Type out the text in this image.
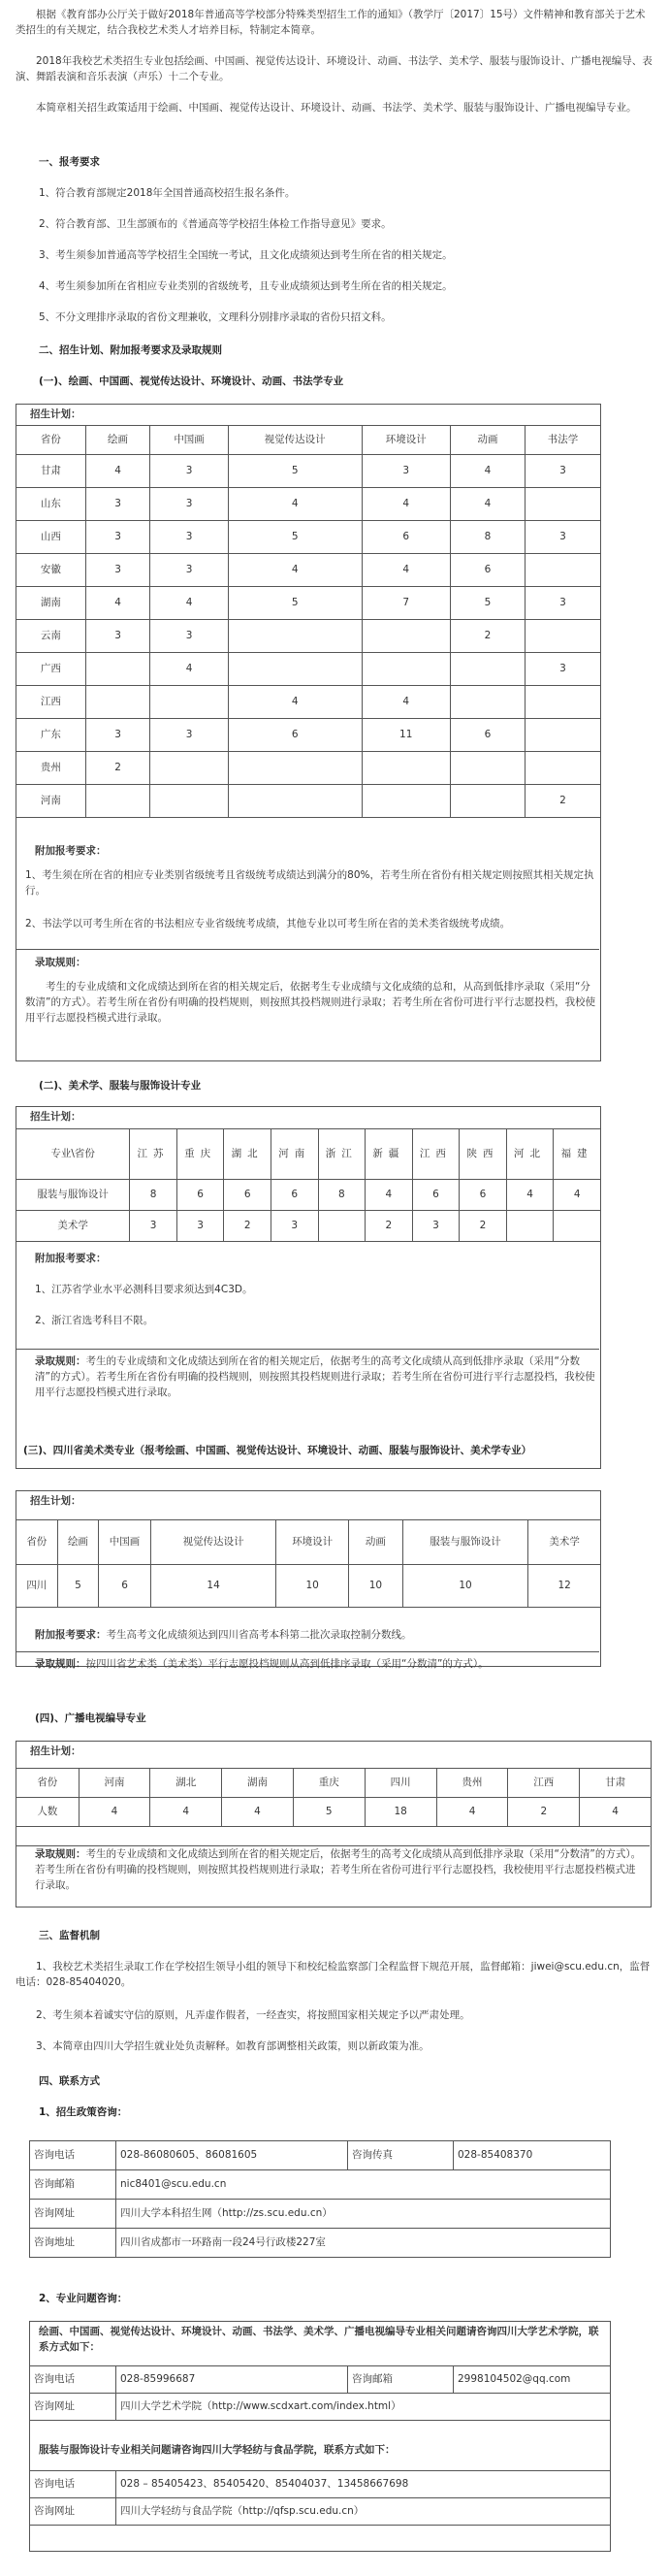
根据《教育部办公厅关于做好2018年普通高等学校部分特殊类型招生工作的通知》（教学厅〔2017〕15号）文件精神和教育部关于艺术类招生的有关规定，结合我校艺术类人才培养目标，特制定本简章。
2018年我校艺术类招生专业包括绘画、中国画、视觉传达设计、环境设计、动画、书法学、美术学、服装与服饰设计、广播电视编导、表演、舞蹈表演和音乐表演（声乐）十二个专业。
本简章相关招生政策适用于绘画、中国画、视觉传达设计、环境设计、动画、书法学、美术学、服装与服饰设计、广播电视编导专业。
一、报考要求
1、符合教育部规定2018年全国普通高校招生报名条件。
2、符合教育部、卫生部颁布的《普通高等学校招生体检工作指导意见》要求。
3、考生须参加普通高等学校招生全国统一考试，且文化成绩须达到考生所在省的相关规定。
4、考生须参加所在省相应专业类别的省级统考，且专业成绩须达到考生所在省的相关规定。
5、不分文理排序录取的省份文理兼收，文理科分别排序录取的省份只招文科。
二、招生计划、附加报考要求及录取规则
(一)、绘画、中国画、视觉传达设计、环境设计、动画、书法学专业
招生计划：
省份	绘画	中国画	视觉传达设计	环境设计	动画	书法学
甘肃	4	3	5	3	4	3
山东	3	3	4	4	4	
山西	3	3	5	6	8	3
安徽	3	3	4	4	6	
湖南	4	4	5	7	5	3
云南	3	3			2	
广西		4				3
江西			4	4		
广东	3	3	6	11	6	
贵州	2					
河南						2
附加报考要求：
1、考生须在所在省的相应专业类别省级统考且省级统考成绩达到满分的80%，若考生所在省份有相关规定则按照其相关规定执行。
2、书法学以可考生所在省的书法相应专业省级统考成绩，其他专业以可考生所在省的美术类省级统考成绩。
录取规则：
考生的专业成绩和文化成绩达到所在省的相关规定后，依据考生专业成绩与文化成绩的总和，从高到低排序录取（采用“分数清”的方式）。若考生所在省份有明确的投档规则，则按照其投档规则进行录取；若考生所在省份可进行平行志愿投档，我校使用平行志愿投档模式进行录取。
(二)、美术学、服装与服饰设计专业
招生计划：
专业\省份	江苏	重庆	湖北	河南	浙江	新疆	江西	陕西	河北	福建
服装与服饰设计	8	6	6	6	8	4	6	6	4	4
美术学	3	3	2	3		2	3	2		
附加报考要求：
1、江苏省学业水平必测科目要求须达到4C3D。
2、浙江省选考科目不限。
录取规则：考生的专业成绩和文化成绩达到所在省的相关规定后，依据考生的高考文化成绩从高到低排序录取（采用“分数清”的方式）。若考生所在省份有明确的投档规则，则按照其投档规则进行录取；若考生所在省份可进行平行志愿投档，我校使用平行志愿投档模式进行录取。
(三)、四川省美术类专业（报考绘画、中国画、视觉传达设计、环境设计、动画、服装与服饰设计、美术学专业）
招生计划：
省份	绘画	中国画	视觉传达设计	环境设计	动画	服装与服饰设计	美术学
四川	5	6	14	10	10	10	12
附加报考要求：考生高考文化成绩须达到四川省高考本科第二批次录取控制分数线。
录取规则：按四川省艺术类（美术类）平行志愿投档规则从高到低排序录取（采用“分数清”的方式）。
(四)、广播电视编导专业
招生计划：
省份	河南	湖北	湖南	重庆	四川	贵州	江西	甘肃
人数	4	4	4	5	18	4	2	4
录取规则：考生的专业成绩和文化成绩达到所在省的相关规定后，依据考生的高考文化成绩从高到低排序录取（采用“分数清”的方式）。若考生所在省份有明确的投档规则，则按照其投档规则进行录取；若考生所在省份可进行平行志愿投档，我校使用平行志愿投档模式进行录取。
三、监督机制
1、我校艺术类招生录取工作在学校招生领导小组的领导下和校纪检监察部门全程监督下规范开展，监督邮箱：jiwei@scu.edu.cn，监督电话：028-85404020。
2、考生须本着诚实守信的原则，凡弄虚作假者，一经查实，将按照国家相关规定予以严肃处理。
3、本简章由四川大学招生就业处负责解释。如教育部调整相关政策，则以新政策为准。
四、联系方式
1、招生政策咨询：
咨询电话	028-86080605、86081605	咨询传真	028-85408370
咨询邮箱	nic8401@scu.edu.cn		
咨询网址	四川大学本科招生网（http://zs.scu.edu.cn）		
咨询地址	四川省成都市一环路南一段24号行政楼227室		
2、专业问题咨询：
绘画、中国画、视觉传达设计、环境设计、动画、书法学、美术学、广播电视编导专业相关问题请咨询四川大学艺术学院，联系方式如下：
咨询电话	028-85996687	咨询邮箱	2998104502@qq.com
咨询网址	四川大学艺术学院（http://www.scdxart.com/index.html）		
服装与服饰设计专业相关问题请咨询四川大学轻纺与食品学院，联系方式如下：
咨询电话	028 – 85405423、85405420、85404037、13458667698
咨询网址	四川大学轻纺与食品学院（http://qfsp.scu.edu.cn）
